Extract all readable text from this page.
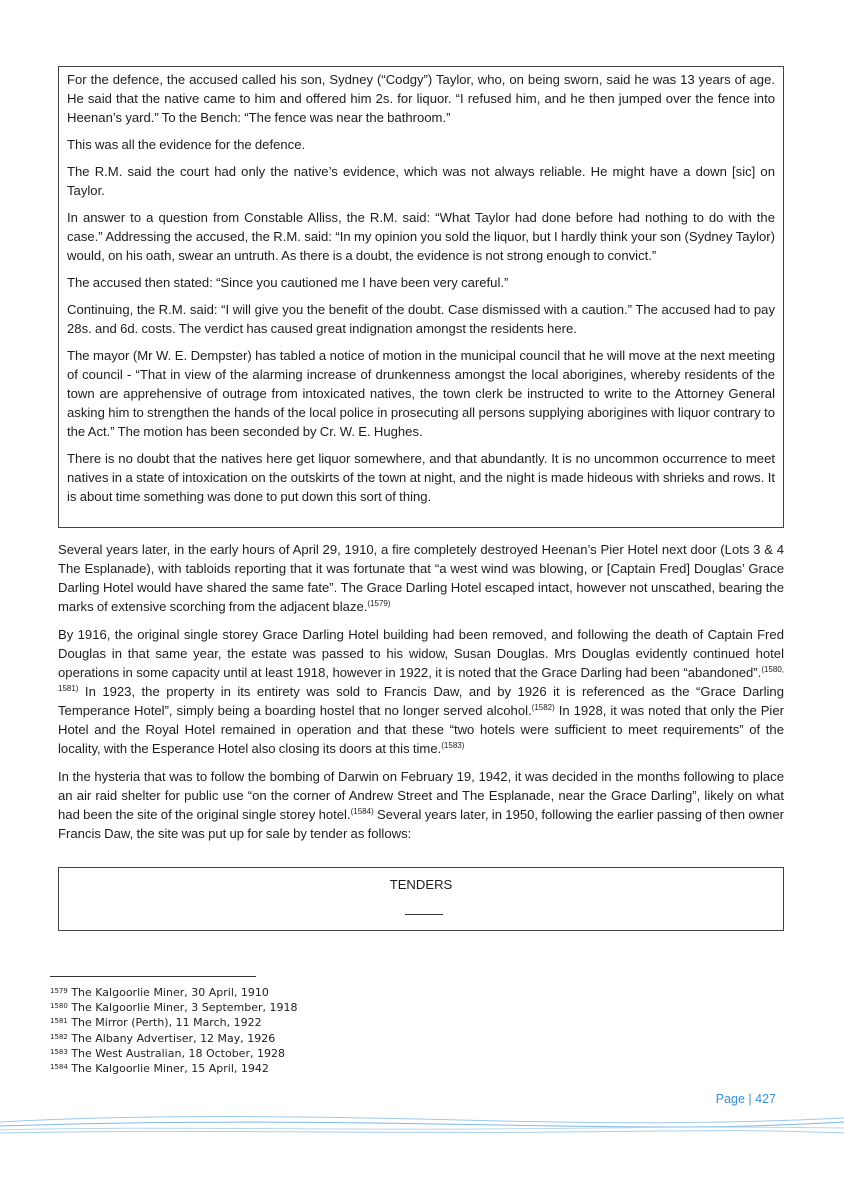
For the defence, the accused called his son, Sydney (“Codgy”) Taylor, who, on being sworn, said he was 13 years of age. He said that the native came to him and offered him 2s. for liquor. “I refused him, and he then jumped over the fence into Heenan’s yard.” To the Bench: “The fence was near the bathroom.”

This was all the evidence for the defence.

The R.M. said the court had only the native’s evidence, which was not always reliable. He might have a down [sic] on Taylor.

In answer to a question from Constable Alliss, the R.M. said: “What Taylor had done before had nothing to do with the case.” Addressing the accused, the R.M. said: “In my opinion you sold the liquor, but I hardly think your son (Sydney Taylor) would, on his oath, swear an untruth. As there is a doubt, the evidence is not strong enough to convict.”

The accused then stated: “Since you cautioned me I have been very careful.”

Continuing, the R.M. said: “I will give you the benefit of the doubt. Case dismissed with a caution.” The accused had to pay 28s. and 6d. costs. The verdict has caused great indignation amongst the residents here.

The mayor (Mr W. E. Dempster) has tabled a notice of motion in the municipal council that he will move at the next meeting of council - “That in view of the alarming increase of drunkenness amongst the local aborigines, whereby residents of the town are apprehensive of outrage from intoxicated natives, the town clerk be instructed to write to the Attorney General asking him to strengthen the hands of the local police in prosecuting all persons supplying aborigines with liquor contrary to the Act.” The motion has been seconded by Cr. W. E. Hughes.

There is no doubt that the natives here get liquor somewhere, and that abundantly. It is no uncommon occurrence to meet natives in a state of intoxication on the outskirts of the town at night, and the night is made hideous with shrieks and rows. It is about time something was done to put down this sort of thing.

Several years later, in the early hours of April 29, 1910, a fire completely destroyed Heenan’s Pier Hotel next door (Lots 3 & 4 The Esplanade), with tabloids reporting that it was fortunate that “a west wind was blowing, or [Captain Fred] Douglas’ Grace Darling Hotel would have shared the same fate”. The Grace Darling Hotel escaped intact, however not unscathed, bearing the marks of extensive scorching from the adjacent blaze.$^{(1579)}$

By 1916, the original single storey Grace Darling Hotel building had been removed, and following the death of Captain Fred Douglas in that same year, the estate was passed to his widow, Susan Douglas. Mrs Douglas evidently continued hotel operations in some capacity until at least 1918, however in 1922, it is noted that the Grace Darling had been “abandoned”.$^{(1580, 1581)}$ In 1923, the property in its entirety was sold to Francis Daw, and by 1926 it is referenced as the “Grace Darling Temperance Hotel”, simply being a boarding hostel that no longer served alcohol.$^{(1582)}$ In 1928, it was noted that only the Pier Hotel and the Royal Hotel remained in operation and that these “two hotels were sufficient to meet requirements” of the locality, with the Esperance Hotel also closing its doors at this time.$^{(1583)}$

In the hysteria that was to follow the bombing of Darwin on February 19, 1942, it was decided in the months following to place an air raid shelter for public use “on the corner of Andrew Street and The Esplanade, near the Grace Darling”, likely on what had been the site of the original single storey hotel.$^{(1584)}$ Several years later, in 1950, following the earlier passing of then owner Francis Daw, the site was put up for sale by tender as follows:

TENDERS
$^{1579}$ The Kalgoorlie Miner, 30 April, 1910
$^{1580}$ The Kalgoorlie Miner, 3 September, 1918
$^{1581}$ The Mirror (Perth), 11 March, 1922
$^{1582}$ The Albany Advertiser, 12 May, 1926
$^{1583}$ The West Australian, 18 October, 1928
$^{1584}$ The Kalgoorlie Miner, 15 April, 1942
Page | 427
